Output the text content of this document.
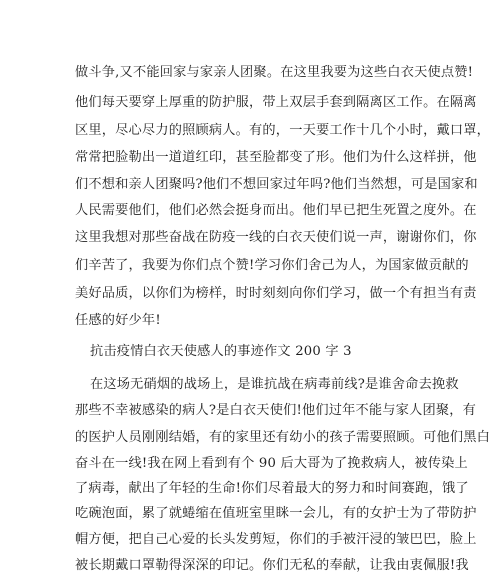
做斗争,又不能回家与家亲人团聚。在这里我要为这些白衣天使点赞!
他们每天要穿上厚重的防护服，带上双层手套到隔离区工作。在隔离
区里，尽心尽力的照顾病人。有的，一天要工作十几个小时，戴口罩，
常常把脸勒出一道道红印，甚至脸都变了形。他们为什么这样拼，他
们不想和亲人团聚吗?他们不想回家过年吗?他们当然想，可是国家和
人民需要他们，他们必然会挺身而出。他们早已把生死置之度外。在
这里我想对那些奋战在防疫一线的白衣天使们说一声，谢谢你们，你
们辛苦了，我要为你们点个赞!学习你们舍己为人，为国家做贡献的
美好品质，以你们为榜样，时时刻刻向你们学习，做一个有担当有责
任感的好少年!
抗击疫情白衣天使感人的事迹作文 200 字 3
在这场无硝烟的战场上，是谁抗战在病毒前线?是谁舍命去挽救
那些不幸被感染的病人?是白衣天使们!他们过年不能与家人团聚，有
的医护人员刚刚结婚，有的家里还有幼小的孩子需要照顾。可他们黑白
奋斗在一线!我在网上看到有个 90 后大哥为了挽救病人，被传染上
了病毒，献出了年轻的生命!你们尽着最大的努力和时间赛跑，饿了
吃碗泡面，累了就蜷缩在值班室里眯一会儿，有的女护士为了带防护
帽方便，把自己心爱的长头发剪短，你们的手被汗浸的皱巴巴，脸上
被长期戴口罩勒得深深的印记。你们无私的奉献，让我由衷佩服!我
